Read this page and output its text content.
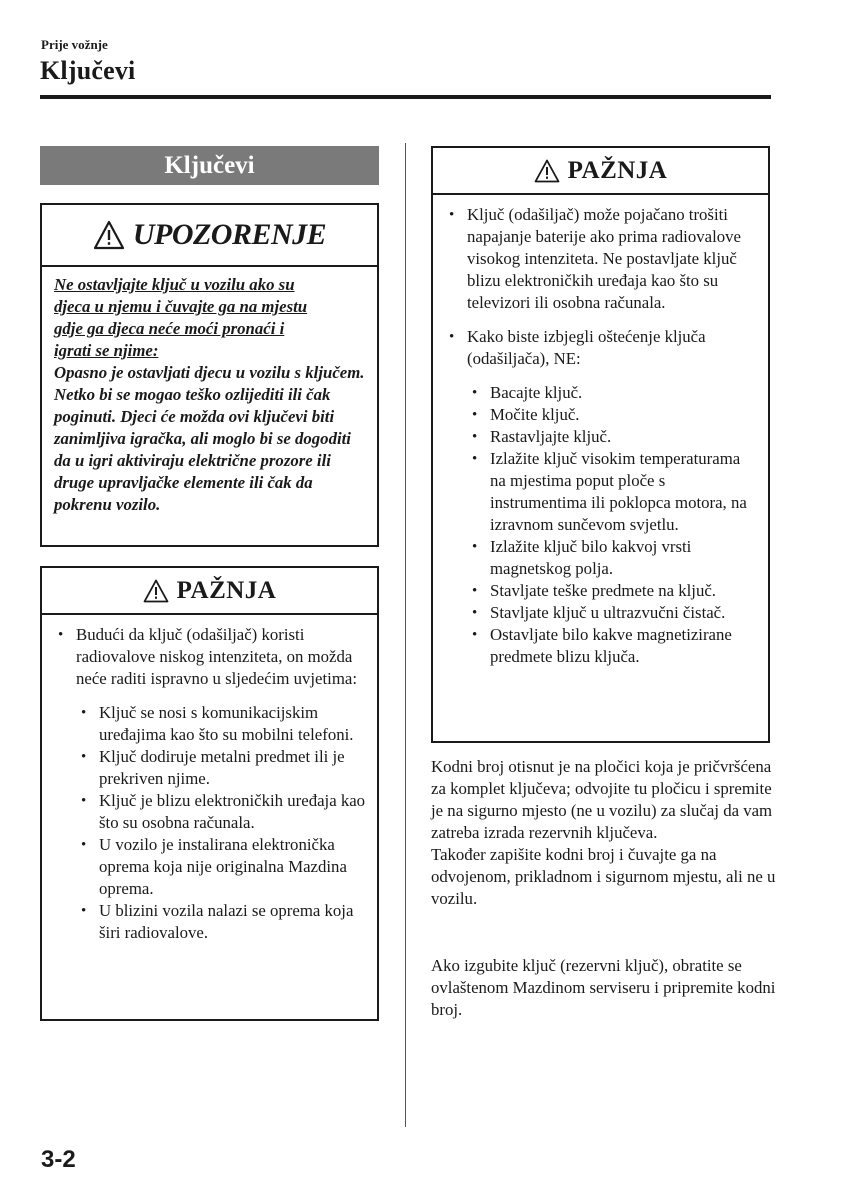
Prije vožnje
Ključevi
Ključevi
UPOZORENJE
Ne ostavljajte ključ u vozilu ako su
djeca u njemu i čuvajte ga na mjestu
gdje ga djeca neće moći pronaći i
igrati se njime:
Opasno je ostavljati djecu u vozilu s ključem. Netko bi se mogao teško ozlijediti ili čak poginuti. Djeci će možda ovi ključevi biti zanimljiva igračka, ali moglo bi se dogoditi da u igri aktiviraju električne prozore ili druge upravljačke elemente ili čak da pokrenu vozilo.
PAŽNJA
• Budući da ključ (odašiljač) koristi radiovalove niskog intenziteta, on možda neće raditi ispravno u sljedećim uvjetima:
• Ključ se nosi s komunikacijskim uređajima kao što su mobilni telefoni.
• Ključ dodiruje metalni predmet ili je prekriven njime.
• Ključ je blizu elektroničkih uređaja kao što su osobna računala.
• U vozilo je instalirana elektronička oprema koja nije originalna Mazdina oprema.
• U blizini vozila nalazi se oprema koja širi radiovalove.
PAŽNJA
• Ključ (odašiljač) može pojačano trošiti napajanje baterije ako prima radiovalove visokog intenziteta. Ne postavljate ključ blizu elektroničkih uređaja kao što su televizori ili osobna računala.
• Kako biste izbjegli oštećenje ključa (odašiljača), NE:
• Bacajte ključ.
• Močite ključ.
• Rastavljajte ključ.
• Izlažite ključ visokim temperaturama na mjestima poput ploče s instrumentima ili poklopca motora, na izravnom sunčevom svjetlu.
• Izlažite ključ bilo kakvoj vrsti magnetskog polja.
• Stavljate teške predmete na ključ.
• Stavljate ključ u ultrazvučni čistač.
• Ostavljate bilo kakve magnetizirane predmete blizu ključa.
Kodni broj otisnut je na pločici koja je pričvršćena za komplet ključeva; odvojite tu pločicu i spremite je na sigurno mjesto (ne u vozilu) za slučaj da vam zatreba izrada rezervnih ključeva.
Također zapišite kodni broj i čuvajte ga na odvojenom, prikladnom i sigurnom mjestu, ali ne u vozilu.
Ako izgubite ključ (rezervni ključ), obratite se ovlaštenom Mazdinom serviseru i pripremite kodni broj.
3-2
